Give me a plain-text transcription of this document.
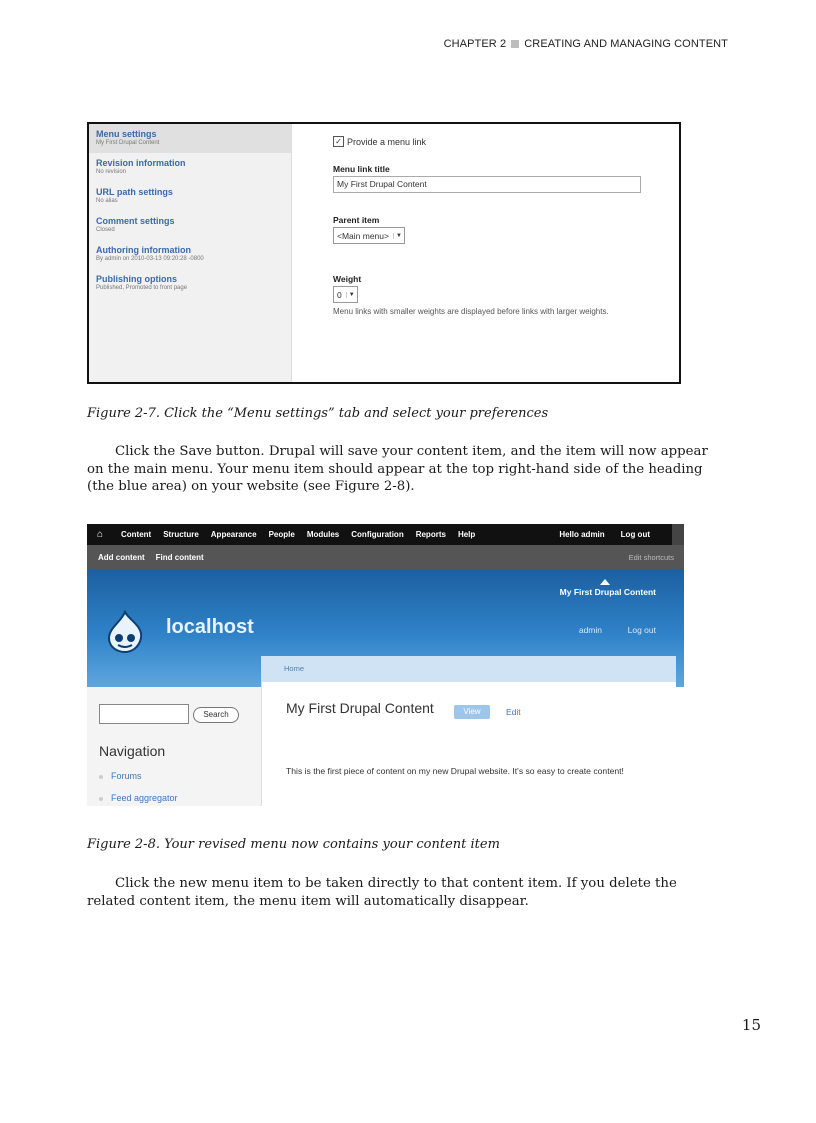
CHAPTER 2 CREATING AND MANAGING CONTENT
Menu settings
My First Drupal Content
Revision information
No revision
URL path settings
No alias
Comment settings
Closed
Authoring information
By admin on 2010-03-13 09:20:28 -0800
Publishing options
Published, Promoted to front page
✓ Provide a menu link
Menu link title
My First Drupal Content
Parent item
<Main menu>	▼
Weight
0	▼
Menu links with smaller weights are displayed before links with larger weights.
Figure 2-7. Click the “Menu settings” tab and select your preferences

Click the Save button. Drupal will save your content item, and the item will now appear on the main menu. Your menu item should appear at the top right-hand side of the heading (the blue area) on your website (see Figure 2-8).

⌂	Content Structure Appearance People Modules Configuration Reports Help	Hello admin Log out
Add content Find content	Edit shortcuts
My First Drupal Content
localhost	admin	Log out
Search
Navigation
Forums
Feed aggregator
Home
My First Drupal Content	View	Edit
This is the first piece of content on my new Drupal website. It's so easy to create content!
Figure 2-8. Your revised menu now contains your content item

Click the new menu item to be taken directly to that content item. If you delete the related content item, the menu item will automatically disappear.

15
